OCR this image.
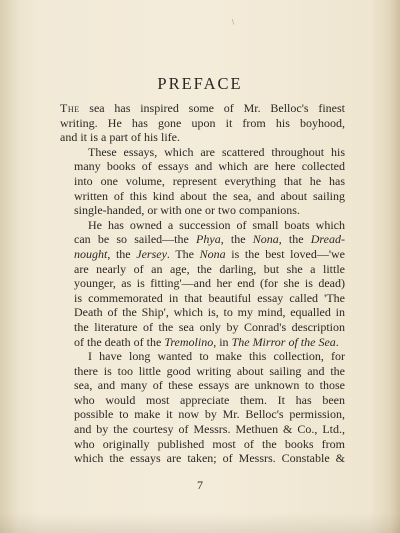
\
PREFACE

The sea has inspired some of Mr. Belloc's finest
writing. He has gone upon it from his boyhood,
and it is a part of his life.

These essays, which are scattered throughout his
many books of essays and which are here collected
into one volume, represent everything that he has
written of this kind about the sea, and about sailing
single-handed, or with one or two companions.

He has owned a succession of small boats which
can be so sailed—the Phya, the Nona, the Dread-
nought, the Jersey. The Nona is the best loved—'we
are nearly of an age, the darling, but she a little
younger, as is fitting'—and her end (for she is dead)
is commemorated in that beautiful essay called 'The
Death of the Ship', which is, to my mind, equalled in
the literature of the sea only by Conrad's description
of the death of the Tremolino, in The Mirror of the Sea.

I have long wanted to make this collection, for
there is too little good writing about sailing and the
sea, and many of these essays are unknown to those
who would most appreciate them. It has been
possible to make it now by Mr. Belloc's permission,
and by the courtesy of Messrs. Methuen & Co., Ltd.,
who originally published most of the books from
which the essays are taken; of Messrs. Constable &

7
